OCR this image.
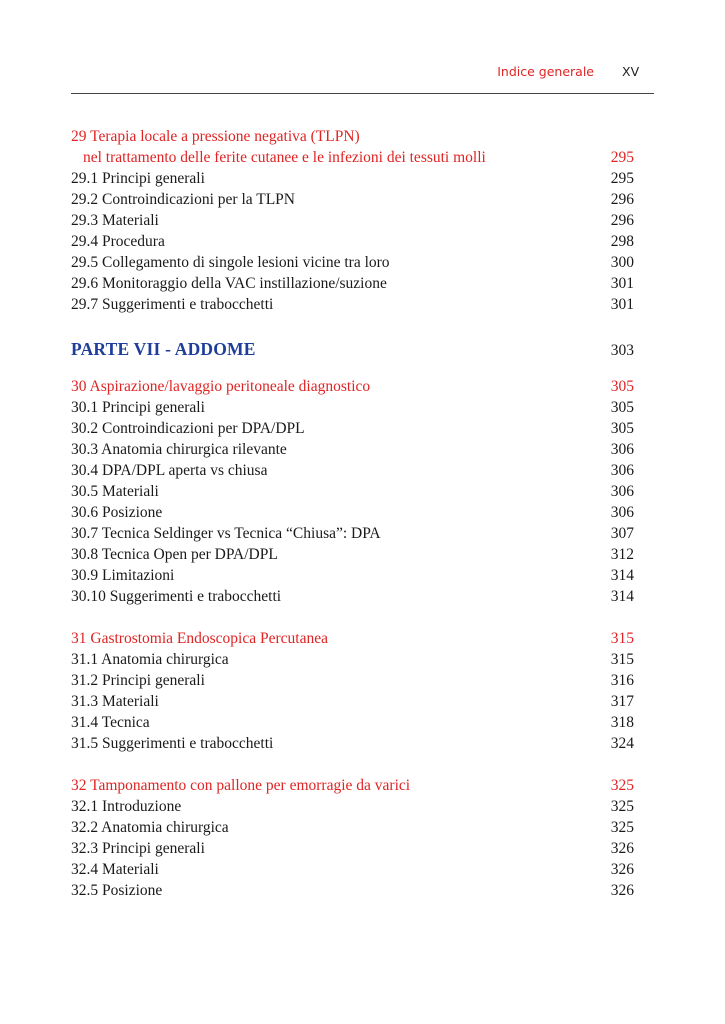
Indice generale XV
29 Terapia locale a pressione negativa (TLPN)
nel trattamento delle ferite cutanee e le infezioni dei tessuti molli	295
29.1 Principi generali	295
29.2 Controindicazioni per la TLPN	296
29.3 Materiali	296
29.4 Procedura	298
29.5 Collegamento di singole lesioni vicine tra loro	300
29.6 Monitoraggio della VAC instillazione/suzione	301
29.7 Suggerimenti e trabocchetti	301
PARTE VII - ADDOME	303
30 Aspirazione/lavaggio peritoneale diagnostico	305
30.1 Principi generali	305
30.2 Controindicazioni per DPA/DPL	305
30.3 Anatomia chirurgica rilevante	306
30.4 DPA/DPL aperta vs chiusa	306
30.5 Materiali	306
30.6 Posizione	306
30.7 Tecnica Seldinger vs Tecnica “Chiusa”: DPA	307
30.8 Tecnica Open per DPA/DPL	312
30.9 Limitazioni	314
30.10 Suggerimenti e trabocchetti	314
31 Gastrostomia Endoscopica Percutanea	315
31.1 Anatomia chirurgica	315
31.2 Principi generali	316
31.3 Materiali	317
31.4 Tecnica	318
31.5 Suggerimenti e trabocchetti	324
32 Tamponamento con pallone per emorragie da varici	325
32.1 Introduzione	325
32.2 Anatomia chirurgica	325
32.3 Principi generali	326
32.4 Materiali	326
32.5 Posizione	326
